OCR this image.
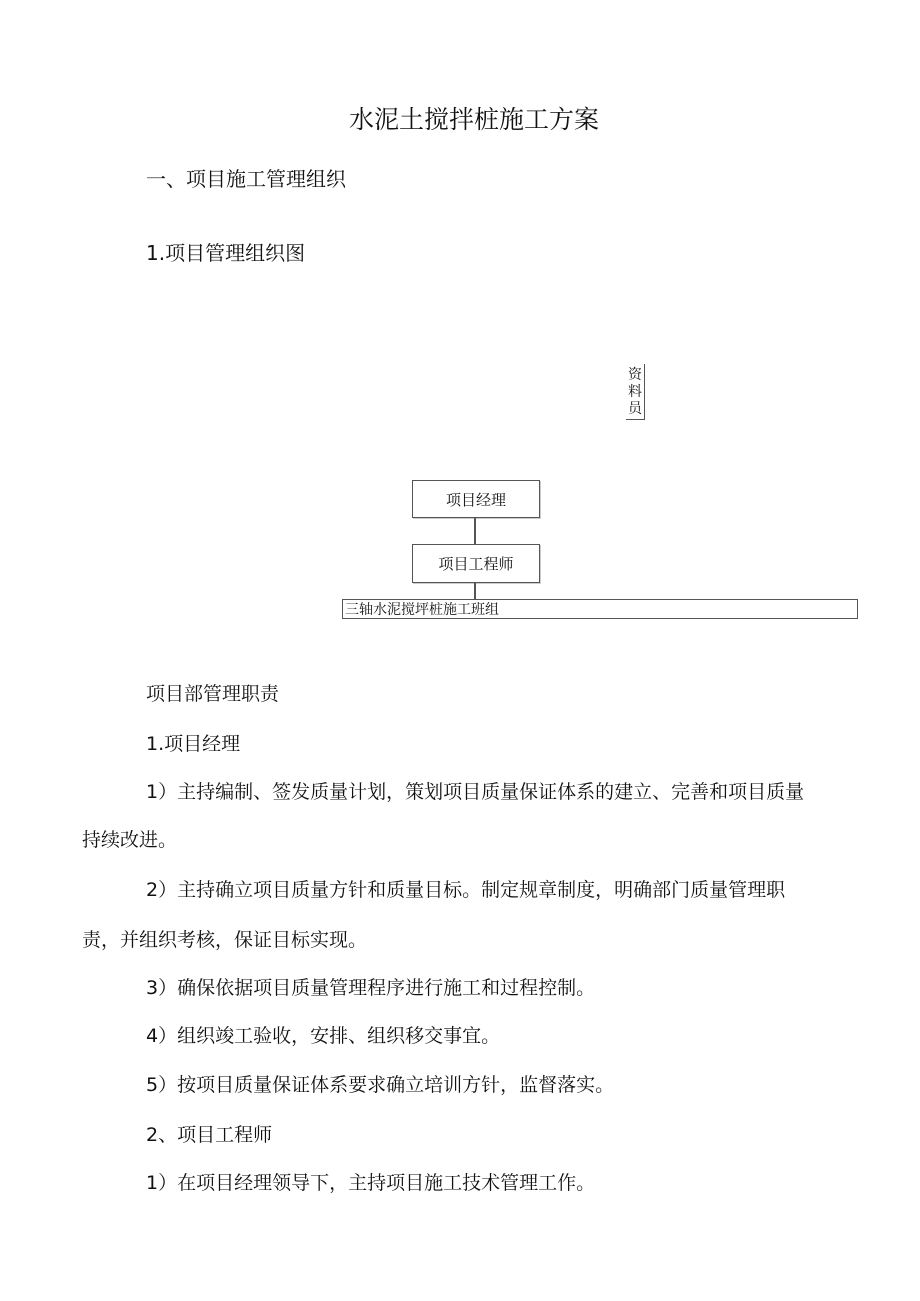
水泥土搅拌桩施工方案
一、项目施工管理组织
1.项目管理组织图
资料员
项目经理
项目工程师
三轴水泥搅坪桩施工班组
项目部管理职责
1.项目经理
1）主持编制、签发质量计划，策划项目质量保证体系的建立、完善和项目质量
持续改进。
2）主持确立项目质量方针和质量目标。制定规章制度，明确部门质量管理职
责，并组织考核，保证目标实现。
3）确保依据项目质量管理程序进行施工和过程控制。
4）组织竣工验收，安排、组织移交事宜。
5）按项目质量保证体系要求确立培训方针，监督落实。
2、项目工程师
1）在项目经理领导下，主持项目施工技术管理工作。
